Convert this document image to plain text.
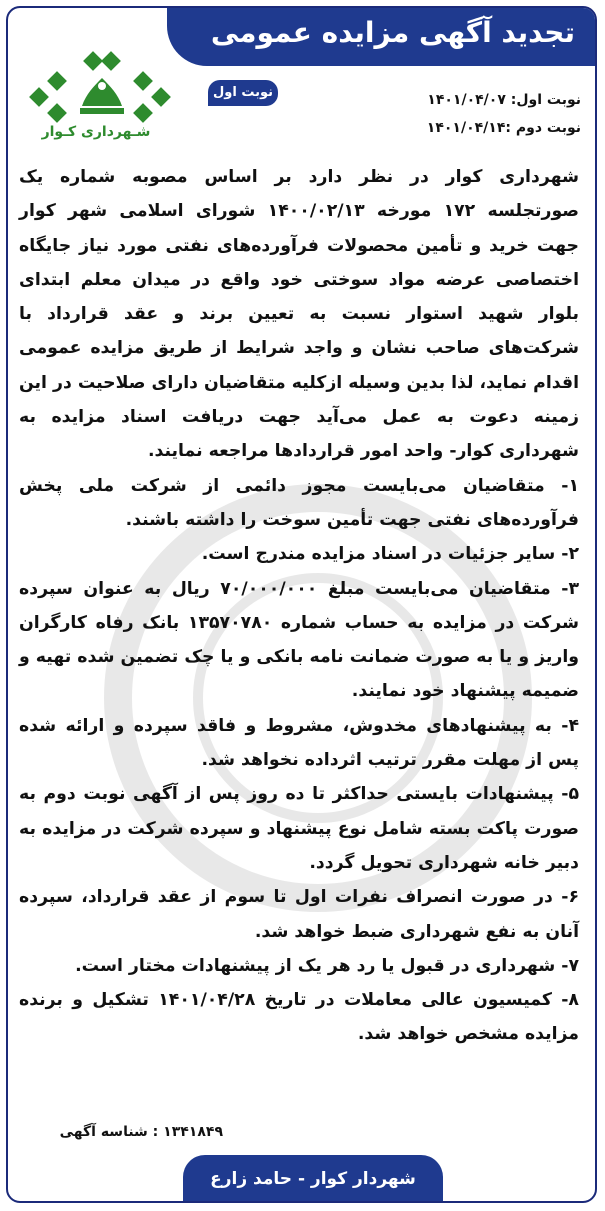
تجدید آگهی مزایده عمومی
شـهرداری کـوار
نوبت اول	نوبت اول: ۱۴۰۱/۰۴/۰۷
نوبت دوم :۱۴۰۱/۰۴/۱۴

شهرداری کوار در نظر دارد بر اساس مصوبه شماره یک صورتجلسه ۱۷۲ مورخه ۱۴۰۰/۰۲/۱۳ شورای اسلامی شهر کوار جهت خرید و تأمین محصولات فرآورده‌های نفتی مورد نیاز جایگاه اختصاصی عرضه مواد سوختی خود واقع در میدان معلم ابتدای بلوار شهید استوار نسبت به تعیین برند و عقد قرارداد با شرکت‌های صاحب نشان و واجد شرایط از طریق مزایده عمومی اقدام نماید، لذا بدین وسیله ازکلیه متقاضیان دارای صلاحیت در این زمینه دعوت به عمل می‌آید جهت دریافت اسناد مزایده به شهرداری کوار- واحد امور قراردادها مراجعه نمایند.

۱- متقاضیان می‌بایست مجوز دائمی از شرکت ملی پخش فرآورده‌های نفتی جهت تأمین سوخت را داشته باشند.

۲- سایر جزئیات در اسناد مزایده مندرج است.

۳- متقاضیان می‌بایست مبلغ ۷۰/۰۰۰/۰۰۰ ریال به عنوان سپرده شرکت در مزایده به حساب شماره ۱۳۵۷۰۷۸۰ بانک رفاه کارگران واریز و یا به صورت ضمانت نامه بانکی و یا چک تضمین شده تهیه و ضمیمه پیشنهاد خود نمایند.

۴- به پیشنهادهای مخدوش، مشروط و فاقد سپرده و ارائه شده پس از مهلت مقرر ترتیب اثرداده نخواهد شد.

۵- پیشنهادات بایستی حداکثر تا ده روز پس از آگهی نوبت دوم به صورت پاکت بسته شامل نوع پیشنهاد و سپرده شرکت در مزایده به دبیر خانه شهرداری تحویل گردد.

۶- در صورت انصراف نفرات اول تا سوم از عقد قرارداد، سپرده آنان به نفع شهرداری ضبط خواهد شد.

۷- شهرداری در قبول یا رد هر یک از پیشنهادات مختار است.

۸- کمیسیون عالی معاملات در تاریخ ۱۴۰۱/۰۴/۲۸ تشکیل و برنده مزایده مشخص خواهد شد.

۱۳۴۱۸۴۹ : شناسه آگهی
شهردار کوار - حامد زارع
